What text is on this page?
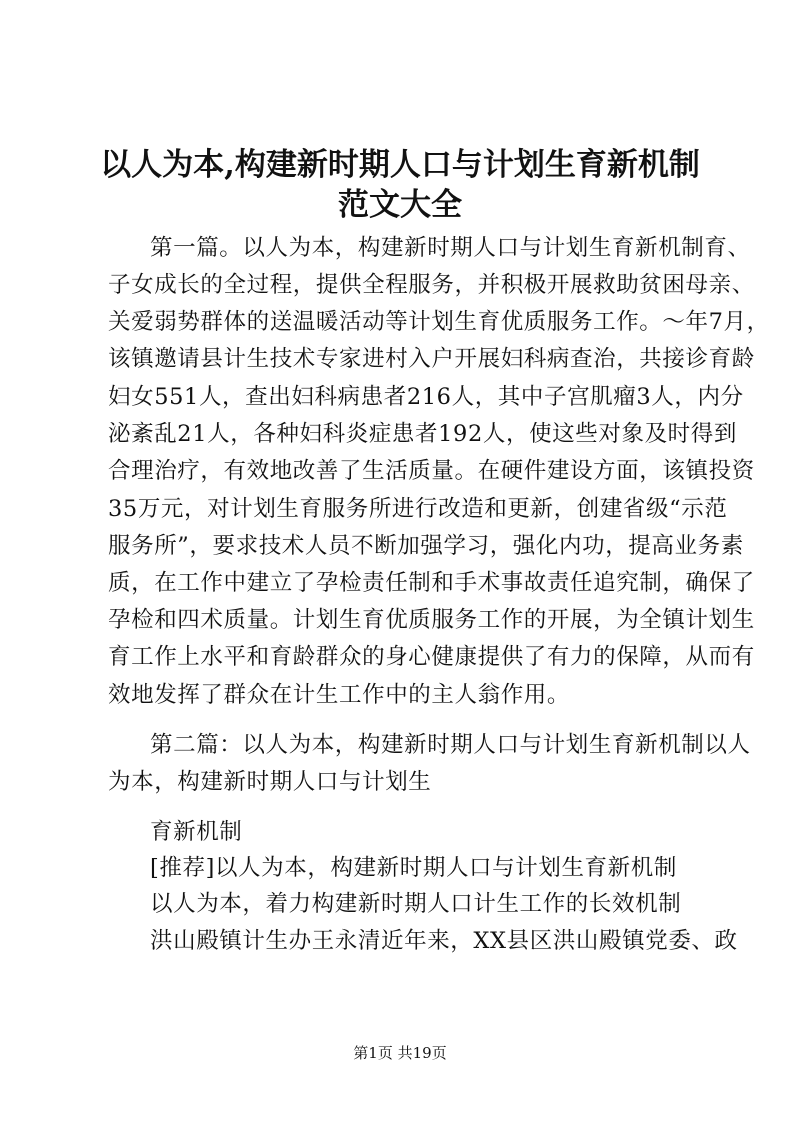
以人为本,构建新时期人口与计划生育新机制
范文大全
第一篇。以人为本，构建新时期人口与计划生育新机制育、
子女成长的全过程，提供全程服务，并积极开展救助贫困母亲、
关爱弱势群体的送温暖活动等计划生育优质服务工作。～年7月，
该镇邀请县计生技术专家进村入户开展妇科病查治，共接诊育龄
妇女551人，查出妇科病患者216人，其中子宫肌瘤3人，内分
泌紊乱21人，各种妇科炎症患者192人，使这些对象及时得到
合理治疗，有效地改善了生活质量。在硬件建设方面，该镇投资
35万元，对计划生育服务所进行改造和更新，创建省级“示范
服务所”，要求技术人员不断加强学习，强化内功，提高业务素
质，在工作中建立了孕检责任制和手术事故责任追究制，确保了
孕检和四术质量。计划生育优质服务工作的开展，为全镇计划生
育工作上水平和育龄群众的身心健康提供了有力的保障，从而有
效地发挥了群众在计生工作中的主人翁作用。
第二篇：以人为本，构建新时期人口与计划生育新机制以人
为本，构建新时期人口与计划生
育新机制
[推荐]以人为本，构建新时期人口与计划生育新机制
以人为本，着力构建新时期人口计生工作的长效机制
洪山殿镇计生办王永清近年来，XX县区洪山殿镇党委、政
第1页 共19页
